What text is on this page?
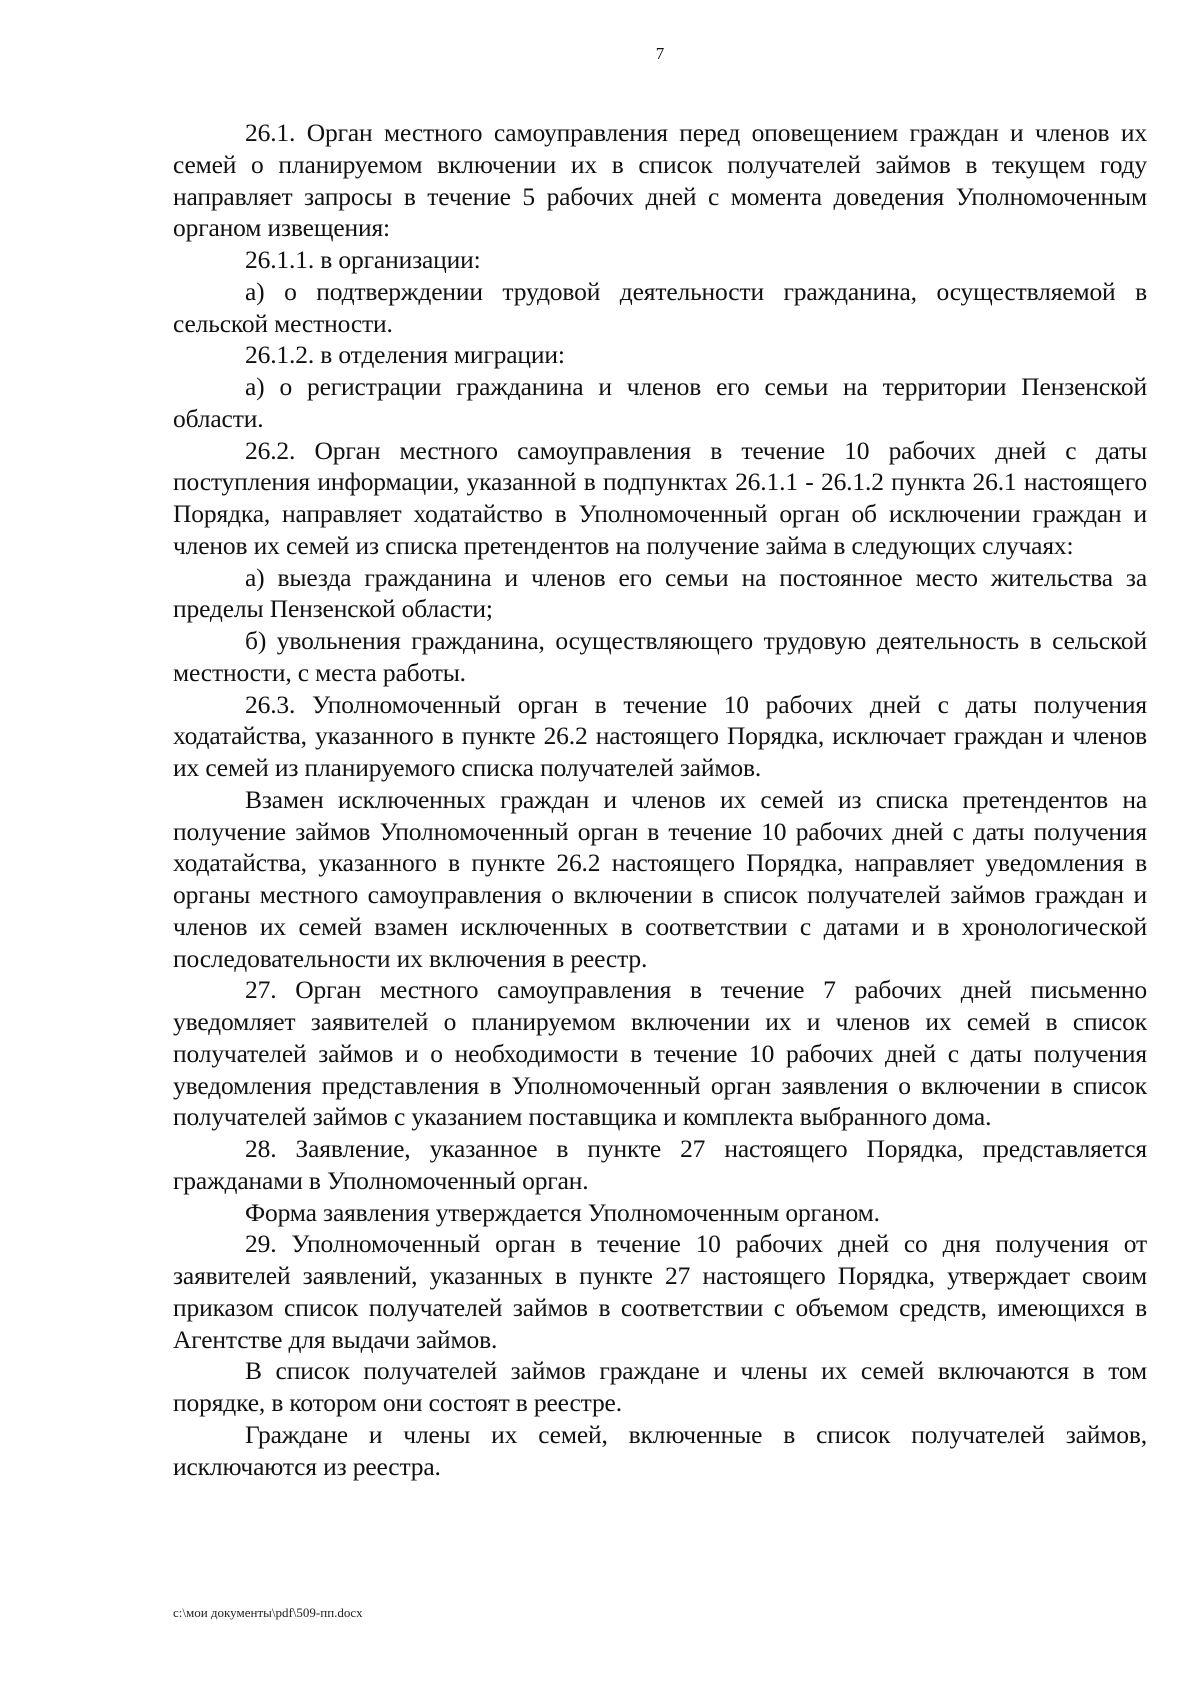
7

26.1. Орган местного самоуправления перед оповещением граждан и членов их семей о планируемом включении их в список получателей займов в текущем году направляет запросы в течение 5 рабочих дней с момента доведения Уполномоченным органом извещения:

26.1.1. в организации:

а) о подтверждении трудовой деятельности гражданина, осуществляемой в сельской местности.

26.1.2. в отделения миграции:

а) о регистрации гражданина и членов его семьи на территории Пензенской области.

26.2. Орган местного самоуправления в течение 10 рабочих дней с даты поступления информации, указанной в подпунктах 26.1.1 - 26.1.2 пункта 26.1 настоящего Порядка, направляет ходатайство в Уполномоченный орган об исключении граждан и членов их семей из списка претендентов на получение займа в следующих случаях:

а) выезда гражданина и членов его семьи на постоянное место жительства за пределы Пензенской области;

б) увольнения гражданина, осуществляющего трудовую деятельность в сельской местности, с места работы.

26.3. Уполномоченный орган в течение 10 рабочих дней с даты получения ходатайства, указанного в пункте 26.2 настоящего Порядка, исключает граждан и членов их семей из планируемого списка получателей займов.

Взамен исключенных граждан и членов их семей из списка претендентов на получение займов Уполномоченный орган в течение 10 рабочих дней с даты получения ходатайства, указанного в пункте 26.2 настоящего Порядка, направляет уведомления в органы местного самоуправления о включении в список получателей займов граждан и членов их семей взамен исключенных в соответствии с датами и в хронологической последовательности их включения в реестр.

27. Орган местного самоуправления в течение 7 рабочих дней письменно уведомляет заявителей о планируемом включении их и членов их семей в список получателей займов и о необходимости в течение 10 рабочих дней с даты получения уведомления представления в Уполномоченный орган заявления о включении в список получателей займов с указанием поставщика и комплекта выбранного дома.

28. Заявление, указанное в пункте 27 настоящего Порядка, представляется гражданами в Уполномоченный орган.

Форма заявления утверждается Уполномоченным органом.

29. Уполномоченный орган в течение 10 рабочих дней со дня получения от заявителей заявлений, указанных в пункте 27 настоящего Порядка, утверждает своим приказом список получателей займов в соответствии с объемом средств, имеющихся в Агентстве для выдачи займов.

В список получателей займов граждане и члены их семей включаются в том порядке, в котором они состоят в реестре.

Граждане и члены их семей, включенные в список получателей займов, исключаются из реестра.

c:\мои документы\pdf\509-пп.docx
